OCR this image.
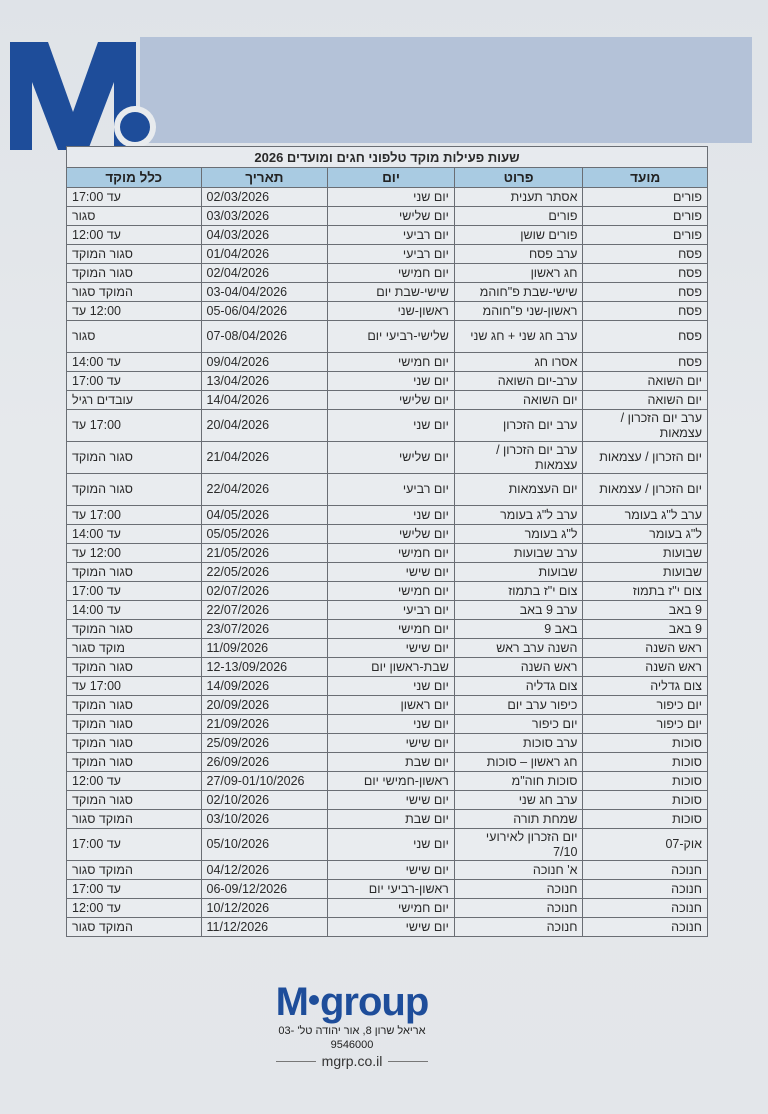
שעות פעילות מוקד טלפוני חגים ומועדים 2026				
מועד	פרוט	יום	תאריך	כלל מוקד
פורים	אסתר תענית	יום שני	02/03/2026	עד 17:00
פורים	פורים	יום שלישי	03/03/2026	סגור
פורים	פורים שושן	יום רביעי	04/03/2026	עד 12:00
פסח	ערב פסח	יום רביעי	01/04/2026	סגור המוקד
פסח	חג ראשון	יום חמישי	02/04/2026	סגור המוקד
פסח	שישי-שבת פ"חוהמ	שישי-שבת יום	03-04/04/2026	המוקד סגור
פסח	ראשון-שני פ"חוהמ	ראשון-שני	05-06/04/2026	12:00 עד
פסח	ערב חג שני + חג שני	שלישי-רביעי יום	07-08/04/2026	סגור
פסח	אסרו חג	יום חמישי	09/04/2026	עד 14:00
יום השואה	ערב-יום השואה	יום שני	13/04/2026	עד 17:00
יום השואה	יום השואה	יום שלישי	14/04/2026	עובדים רגיל
ערב יום הזכרון / עצמאות	ערב יום הזכרון	יום שני	20/04/2026	17:00 עד
יום הזכרון / עצמאות	ערב יום הזכרון / עצמאות	יום שלישי	21/04/2026	סגור המוקד
יום הזכרון / עצמאות	יום העצמאות	יום רביעי	22/04/2026	סגור המוקד
ערב ל"ג בעומר	ערב ל"ג בעומר	יום שני	04/05/2026	17:00 עד
ל"ג בעומר	ל"ג בעומר	יום שלישי	05/05/2026	עד 14:00
שבועות	ערב שבועות	יום חמישי	21/05/2026	12:00 עד
שבועות	שבועות	יום שישי	22/05/2026	סגור המוקד
צום י"ז בתמוז	צום י"ז בתמוז	יום חמישי	02/07/2026	עד 17:00
9 באב	ערב 9 באב	יום רביעי	22/07/2026	עד 14:00
9 באב	באב 9	יום חמישי	23/07/2026	סגור המוקד
ראש השנה	השנה ערב ראש	יום שישי	11/09/2026	מוקד סגור
ראש השנה	ראש השנה	שבת-ראשון יום	12-13/09/2026	סגור המוקד
צום גדליה	צום גדליה	יום שני	14/09/2026	17:00 עד
יום כיפור	כיפור ערב יום	יום ראשון	20/09/2026	סגור המוקד
יום כיפור	יום כיפור	יום שני	21/09/2026	סגור המוקד
סוכות	ערב סוכות	יום שישי	25/09/2026	סגור המוקד
סוכות	חג ראשון – סוכות	יום שבת	26/09/2026	סגור המוקד
סוכות	סוכות חוה"מ	ראשון-חמישי יום	27/09-01/10/2026	עד 12:00
סוכות	ערב חג שני	יום שישי	02/10/2026	סגור המוקד
סוכות	שמחת תורה	יום שבת	03/10/2026	המוקד סגור
אוק-07	יום הזכרון לאירועי 7/10	יום שני	05/10/2026	עד 17:00
חנוכה	א' חנוכה	יום שישי	04/12/2026	המוקד סגור
חנוכה	חנוכה	ראשון-רביעי יום	06-09/12/2026	עד 17:00
חנוכה	חנוכה	יום חמישי	10/12/2026	עד 12:00
חנוכה	חנוכה	יום שישי	11/12/2026	המוקד סגור
M group
אריאל שרון 8, אור יהודה טל' 03-9546000
mgrp.co.il
